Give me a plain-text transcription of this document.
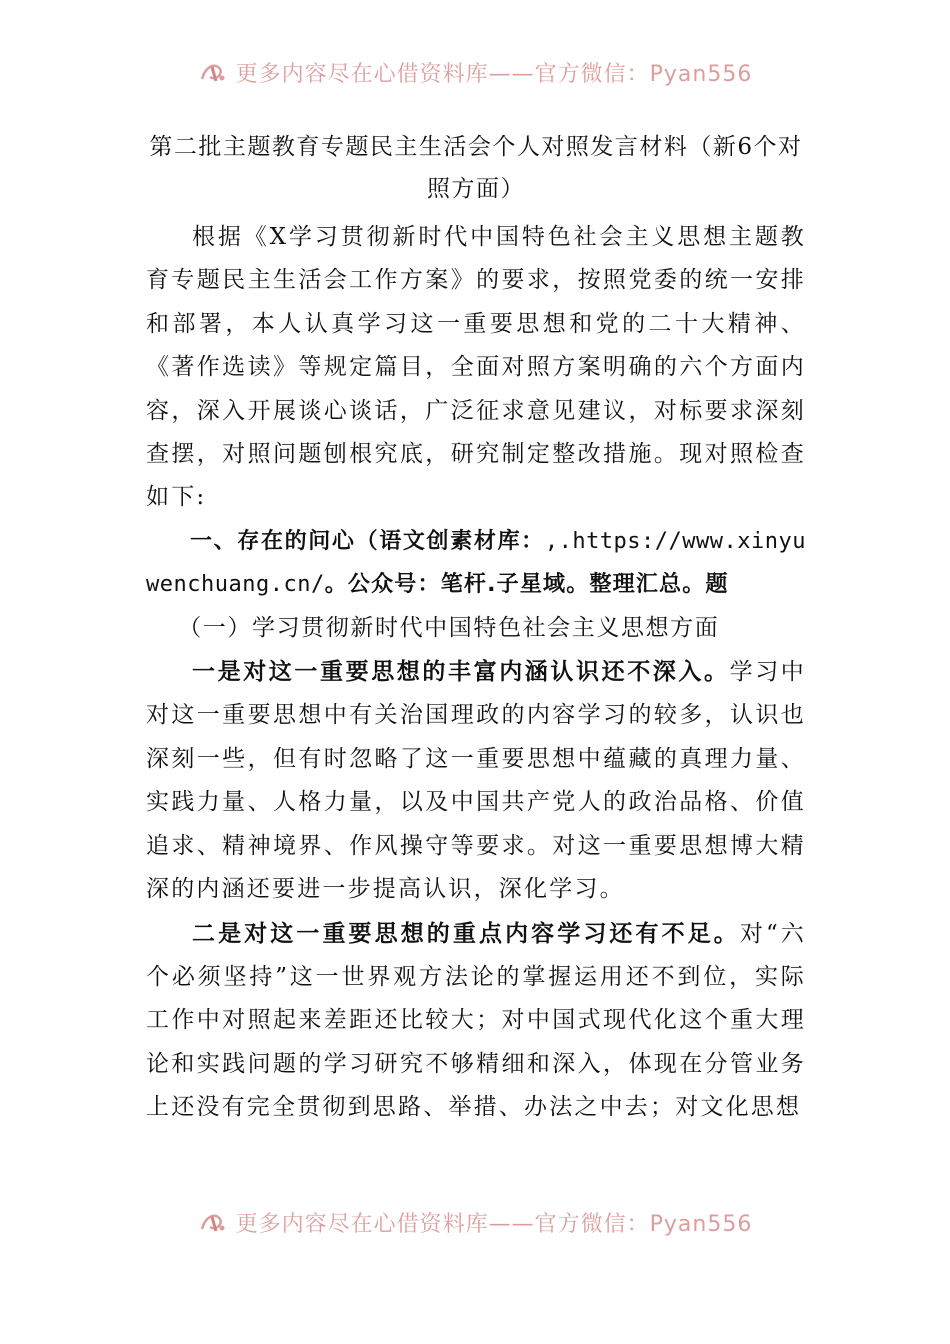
更多内容尽在心借资料库——官方微信：Pyan556
第二批主题教育专题民主生活会个人对照发言材料（新6个对照方面）

根据《X学习贯彻新时代中国特色社会主义思想主题教育专题民主生活会工作方案》的要求，按照党委的统一安排和部署，本人认真学习这一重要思想和党的二十大精神、《著作选读》等规定篇目，全面对照方案明确的六个方面内容，深入开展谈心谈话，广泛征求意见建议，对标要求深刻查摆，对照问题刨根究底，研究制定整改措施。现对照检查如下:

一、存在的问心（语文创素材库：,.https://www.xinyuwenchuang.cn/。公众号：笔杆.子星域。整理汇总。题

（一）学习贯彻新时代中国特色社会主义思想方面

一是对这一重要思想的丰富内涵认识还不深入。学习中对这一重要思想中有关治国理政的内容学习的较多，认识也深刻一些，但有时忽略了这一重要思想中蕴藏的真理力量、实践力量、人格力量，以及中国共产党人的政治品格、价值追求、精神境界、作风操守等要求。对这一重要思想博大精深的内涵还要进一步提高认识，深化学习。

二是对这一重要思想的重点内容学习还有不足。对“六个必须坚持”这一世界观方法论的掌握运用还不到位，实际工作中对照起来差距还比较大；对中国式现代化这个重大理论和实践问题的学习研究不够精细和深入，体现在分管业务上还没有完全贯彻到思路、举措、办法之中去；对文化思想

更多内容尽在心借资料库——官方微信：Pyan556
